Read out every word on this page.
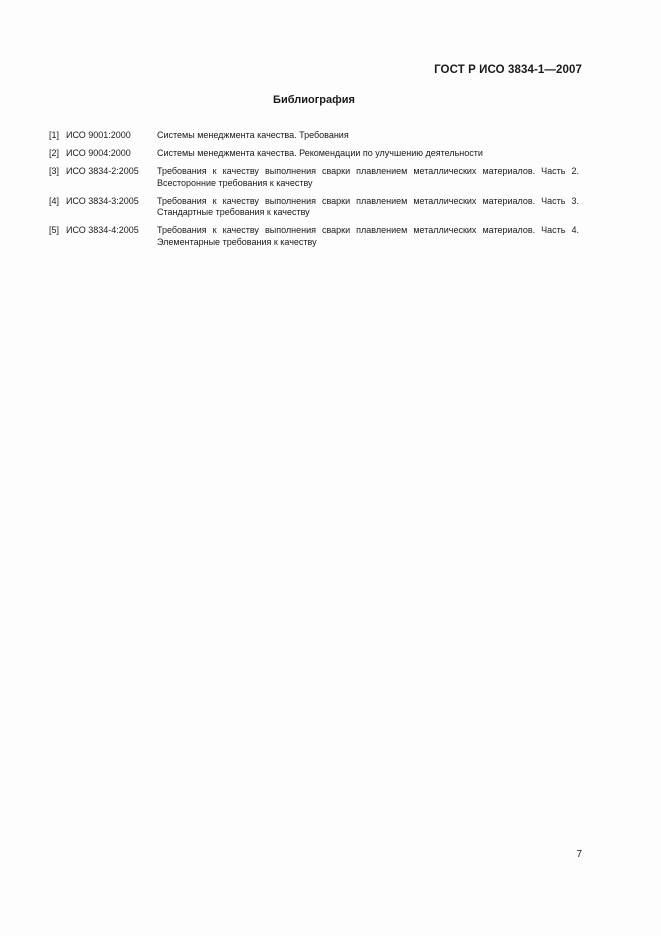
ГОСТ Р ИСО 3834-1—2007
Библиография
[1] ИСО 9001:2000	Системы менеджмента качества. Требования
[2] ИСО 9004:2000	Системы менеджмента качества. Рекомендации по улучшению деятельности
[3] ИСО 3834-2:2005	Требования к качеству выполнения сварки плавлением металлических материалов. Часть 2. Всесторонние требования к качеству
[4] ИСО 3834-3:2005	Требования к качеству выполнения сварки плавлением металлических материалов. Часть 3. Стандартные требования к качеству
[5] ИСО 3834-4:2005	Требования к качеству выполнения сварки плавлением металлических материалов. Часть 4. Элементарные требования к качеству
7
